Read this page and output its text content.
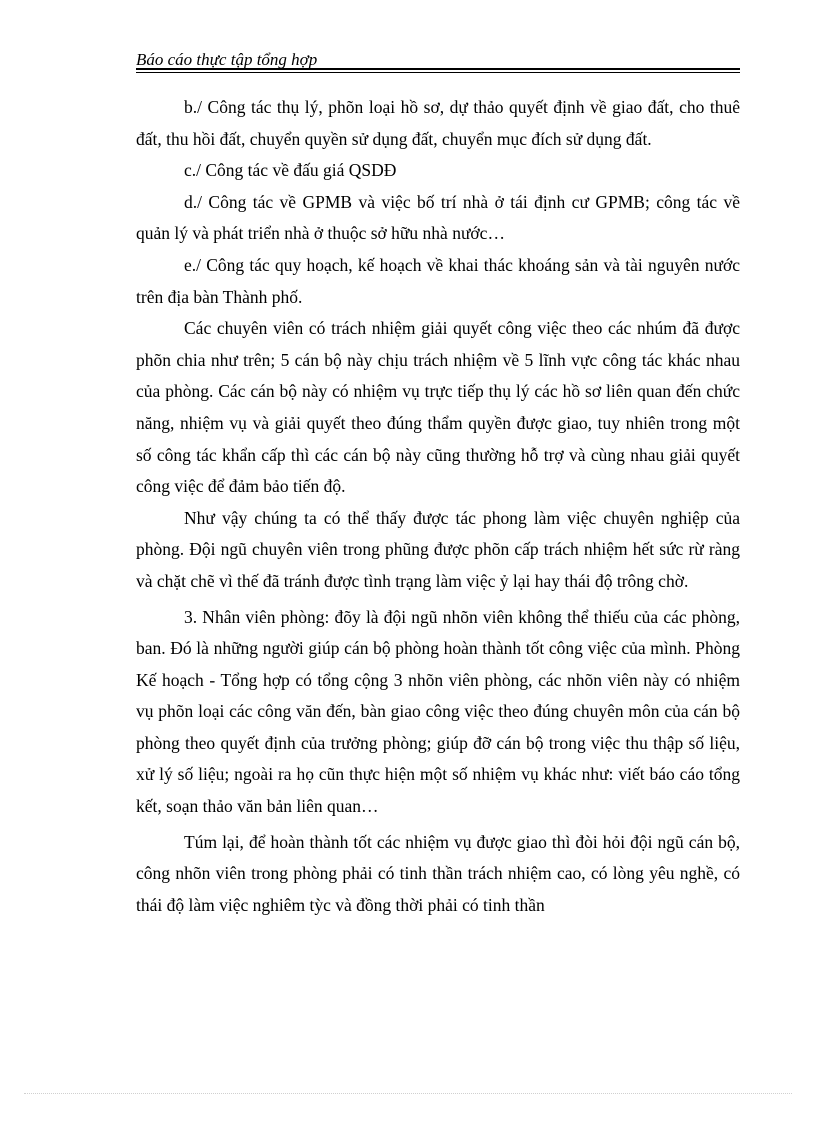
Báo cáo thực tập tổng hợp

b./ Công tác thụ lý, phõn loại hồ sơ, dự thảo quyết định về giao đất, cho thuê đất, thu hồi đất, chuyển quyền sử dụng đất, chuyển mục đích sử dụng đất.

c./ Công tác về đấu giá QSDĐ

d./ Công tác về GPMB và việc bố trí nhà ở tái định cư GPMB; công tác về quản lý và phát triển nhà ở thuộc sở hữu nhà nước…

e./ Công tác quy hoạch, kế hoạch về khai thác khoáng sản và tài nguyên nước trên địa bàn Thành phố.

Các chuyên viên có trách nhiệm giải quyết công việc theo các nhúm đã được phõn chia như trên; 5 cán bộ này chịu trách nhiệm về 5 lĩnh vực công tác khác nhau của phòng. Các cán bộ này có nhiệm vụ trực tiếp thụ lý các hồ sơ liên quan đến chức năng, nhiệm vụ và giải quyết theo đúng thẩm quyền được giao, tuy nhiên trong một số công tác khẩn cấp thì các cán bộ này cũng thường hỗ trợ và cùng nhau giải quyết công việc để đảm bảo tiến độ.

Như vậy chúng ta có thể thấy được tác phong làm việc chuyên nghiệp của phòng. Đội ngũ chuyên viên trong phũng được phõn cấp trách nhiệm hết sức rừ ràng và chặt chẽ vì thế đã tránh được tình trạng làm việc ỷ lại hay thái độ trông chờ.

3. Nhân viên phòng: đõy là đội ngũ nhõn viên không thể thiếu của các phòng, ban. Đó là những người giúp cán bộ phòng hoàn thành tốt công việc của mình. Phòng Kế hoạch - Tổng hợp có tổng cộng 3 nhõn viên phòng, các nhõn viên này có nhiệm vụ phõn loại các công văn đến, bàn giao công việc theo đúng chuyên môn của cán bộ phòng theo quyết định của trưởng phòng; giúp đỡ cán bộ trong việc thu thập số liệu, xử lý số liệu; ngoài ra họ cũn thực hiện một số nhiệm vụ khác như: viết báo cáo tổng kết, soạn thảo văn bản liên quan…

Túm lại, để hoàn thành tốt các nhiệm vụ được giao thì đòi hỏi đội ngũ cán bộ, công nhõn viên trong phòng phải có tinh thần trách nhiệm cao, có lòng yêu nghề, có thái độ làm việc nghiêm tỳc và đồng thời phải có tinh thần
